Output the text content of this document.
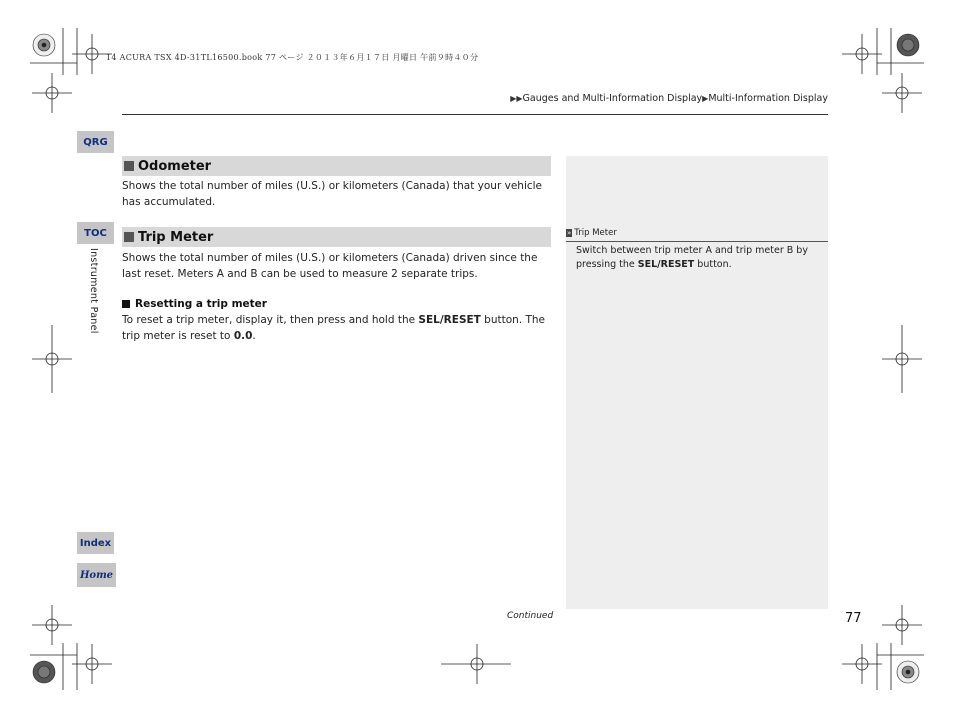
14 ACURA TSX 4D-31TL16500.book 77 ページ ２０１３年６月１７日 月曜日 午前９時４０分
▶▶Gauges and Multi-Information Display▶Multi-Information Display
QRG
TOC
Instrument Panel
Index
Home
Odometer
Shows the total number of miles (U.S.) or kilometers (Canada) that your vehicle has accumulated.
Trip Meter
Shows the total number of miles (U.S.) or kilometers (Canada) driven since the last reset. Meters A and B can be used to measure 2 separate trips.
Resetting a trip meter
To reset a trip meter, display it, then press and hold the SEL/RESET button. The trip meter is reset to 0.0.
» Trip Meter
Switch between trip meter A and trip meter B by pressing the SEL/RESET button.
Continued	77
